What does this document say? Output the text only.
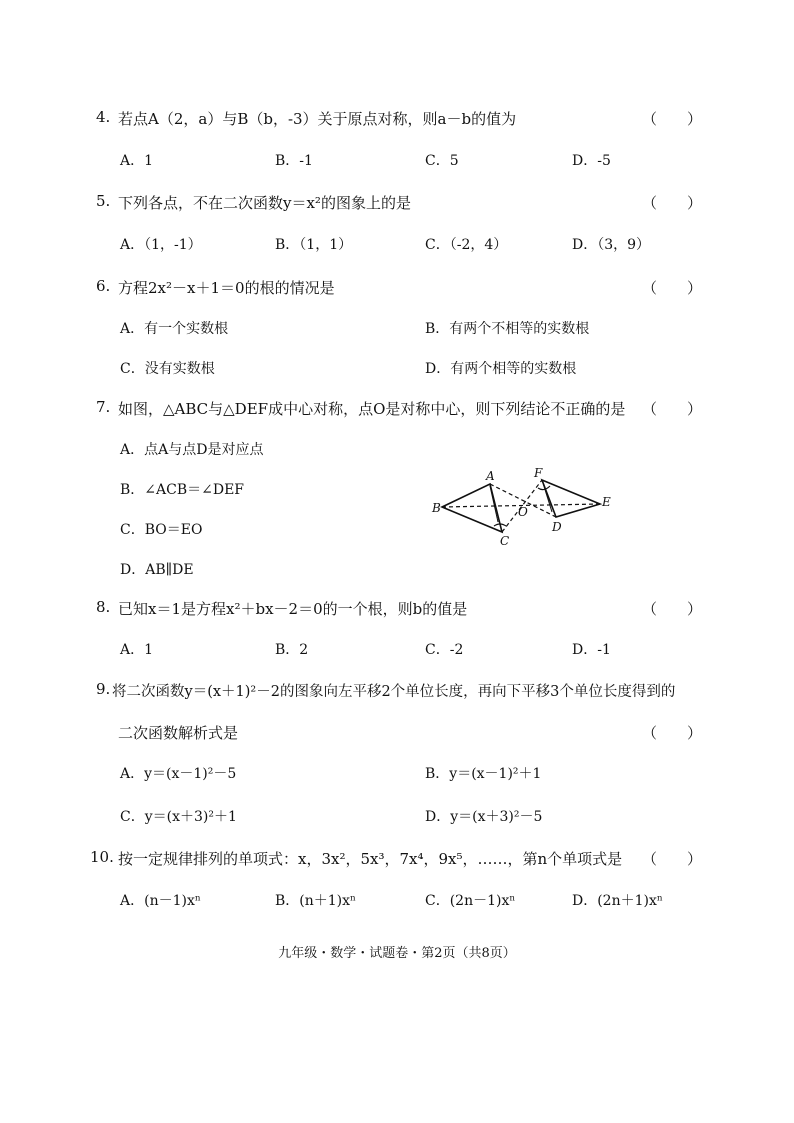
4. 若点A（2，a）与B（b，-3）关于原点对称，则a－b的值为	（　　）
A．1	B．-1	C．5	D．-5
5. 下列各点，不在二次函数y＝x²的图象上的是	（　　）
A．（1，-1）	B．（1，1）	C．（-2，4）	D．（3，9）
6. 方程2x²－x＋1＝0的根的情况是	（　　）
A．有一个实数根	B．有两个不相等的实数根
C．没有实数根	D．有两个相等的实数根
7. 如图，△ABC与△DEF成中心对称，点O是对称中心，则下列结论不正确的是 （　　）
A．点A与点D是对应点
B．∠ACB＝∠DEF
C．BO＝EO
D．AB∥DE
A
B
C
D
E
F
O
8. 已知x＝1是方程x²＋bx－2＝0的一个根，则b的值是	（　　）
A．1	B．2	C．-2	D．-1
9. 将二次函数y＝(x＋1)²－2的图象向左平移2个单位长度，再向下平移3个单位长度得到的
二次函数解析式是	（　　）
A．y＝(x－1)²－5	B．y＝(x－1)²＋1
C．y＝(x＋3)²＋1	D．y＝(x＋3)²－5
10. 按一定规律排列的单项式：x，3x²，5x³，7x⁴，9x⁵，……，第n个单项式是 （　　）
A．(n－1)xⁿ	B．(n＋1)xⁿ	C．(2n－1)xⁿ	D．(2n＋1)xⁿ
九年级・数学・试题卷・第2页（共8页）
